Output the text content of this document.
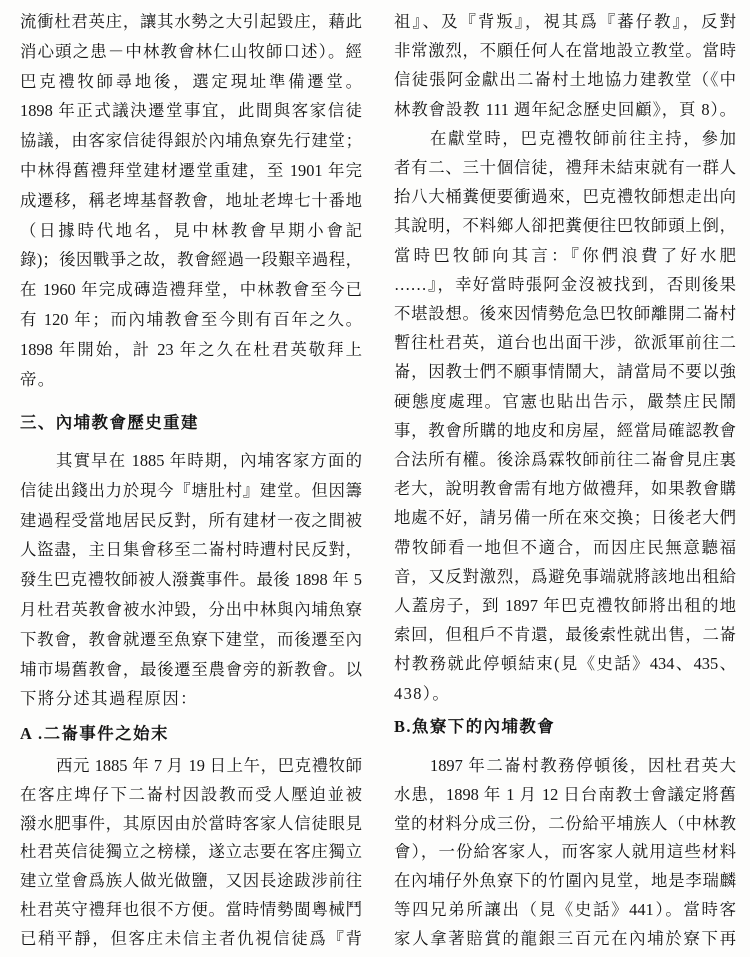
流衝杜君英庄，讓其水勢之大引起毀庄，藉此
消心頭之患－中林教會林仁山牧師口述）。經
巴克禮牧師尋地後，選定現址準備遷堂。
1898 年正式議決遷堂事宜，此間與客家信徒
協議，由客家信徒得銀於內埔魚寮先行建堂；
中林得舊禮拜堂建材遷堂重建，至 1901 年完
成遷移，稱老埤基督教會，地址老埤七十番地
（日據時代地名，見中林教會早期小會記
錄)；後因戰爭之故，教會經過一段艱辛過程，
在 1960 年完成磚造禮拜堂，中林教會至今已
有 120 年；而內埔教會至今則有百年之久。
1898 年開始，計 23 年之久在杜君英敬拜上
帝。
三、內埔教會歷史重建
其實早在 1885 年時期，內埔客家方面的
信徒出錢出力於現今『塘肚村』建堂。但因籌
建過程受當地居民反對，所有建材一夜之間被
人盜盡，主日集會移至二崙村時遭村民反對，
發生巴克禮牧師被人潑糞事件。最後 1898 年 5
月杜君英教會被水沖毀，分出中林與內埔魚寮
下教會，教會就遷至魚寮下建堂，而後遷至內
埔市場舊教會，最後遷至農會旁的新教會。以
下將分述其過程原因：
A .二崙事件之始末
西元 1885 年 7 月 19 日上午，巴克禮牧師
在客庄埤仔下二崙村因設教而受人壓迫並被
潑水肥事件，其原因由於當時客家人信徒眼見
杜君英信徒獨立之榜樣，遂立志要在客庄獨立
建立堂會爲族人做光做鹽，又因長途跋涉前往
杜君英守禮拜也很不方便。當時情勢閩粵械鬥
已稍平靜，但客庄未信主者仇視信徒爲『背
祖』、及『背叛』，視其爲『蕃仔教』，反對
非常激烈，不願任何人在當地設立教堂。當時
信徒張阿金獻出二崙村土地協力建教堂（《中
林教會設教 111 週年紀念歷史回顧》，頁 8）。
在獻堂時，巴克禮牧師前往主持，參加
者有二、三十個信徒，禮拜未結束就有一群人
抬八大桶糞便要衝過來，巴克禮牧師想走出向
其說明，不料鄉人卻把糞便往巴牧師頭上倒，
當時巴牧師向其言：『你們浪費了好水肥
……』，幸好當時張阿金沒被找到，否則後果
不堪設想。後來因情勢危急巴牧師離開二崙村
暫往杜君英，道台也出面干涉，欲派軍前往二
崙，因教士們不願事情鬧大，請當局不要以強
硬態度處理。官憲也貼出告示，嚴禁庄民鬧
事，教會所購的地皮和房屋，經當局確認教會
合法所有權。後涂爲霖牧師前往二崙會見庄裏
老大，說明教會需有地方做禮拜，如果教會購
地處不好，請另備一所在來交換；日後老大們
帶牧師看一地但不適合，而因庄民無意聽福
音，又反對激烈，爲避免事端就將該地出租給
人蓋房子，到 1897 年巴克禮牧師將出租的地
索回，但租戶不肯還，最後索性就出售，二崙
村教務就此停頓結束(見《史話》434、435、
438）。
B.魚寮下的內埔教會
1897 年二崙村教務停頓後，因杜君英大
水患，1898 年 1 月 12 日台南教士會議定將舊
堂的材料分成三份，二份給平埔族人（中林教
會），一份給客家人，而客家人就用這些材料
在內埔仔外魚寮下的竹圍內見堂，地是李瑞麟
等四兄弟所讓出（見《史話》441）。當時客
家人拿著賠賞的龍銀三百元在內埔於寮下再
